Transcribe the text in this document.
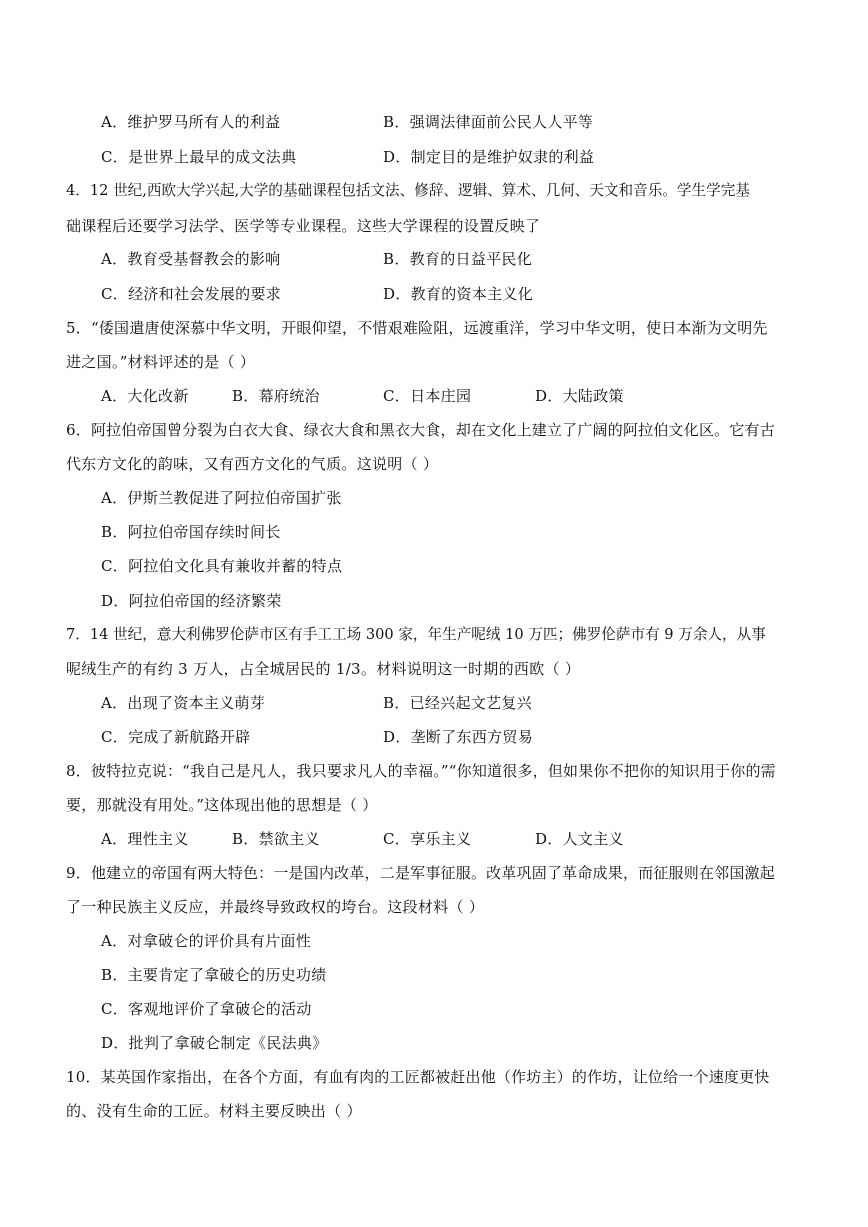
A．维护罗马所有人的利益	B．强调法律面前公民人人平等
C．是世界上最早的成文法典	D．制定目的是维护奴隶的利益
4．12 世纪,西欧大学兴起,大学的基础课程包括文法、修辞、逻辑、算术、几何、天文和音乐。学生学完基
础课程后还要学习法学、医学等专业课程。这些大学课程的设置反映了
A．教育受基督教会的影响	B．教育的日益平民化
C．经济和社会发展的要求	D．教育的资本主义化
5．“倭国遣唐使深慕中华文明，开眼仰望，不惜艰难险阻，远渡重洋，学习中华文明，使日本渐为文明先
进之国。”材料评述的是（ ）
A．大化改新	B．幕府统治	C．日本庄园	D．大陆政策
6．阿拉伯帝国曾分裂为白衣大食、绿衣大食和黑衣大食，却在文化上建立了广阔的阿拉伯文化区。它有古
代东方文化的韵味，又有西方文化的气质。这说明（ ）
A．伊斯兰教促进了阿拉伯帝国扩张
B．阿拉伯帝国存续时间长
C．阿拉伯文化具有兼收并蓄的特点
D．阿拉伯帝国的经济繁荣
7．14 世纪，意大利佛罗伦萨市区有手工工场 300 家，年生产呢绒 10 万匹；佛罗伦萨市有 9 万余人，从事
呢绒生产的有约 3 万人，占全城居民的 1/3。材料说明这一时期的西欧（ ）
A．出现了资本主义萌芽	B．已经兴起文艺复兴
C．完成了新航路开辟	D．垄断了东西方贸易
8．彼特拉克说：“我自己是凡人，我只要求凡人的幸福。”“你知道很多，但如果你不把你的知识用于你的需
要，那就没有用处。”这体现出他的思想是（ ）
A．理性主义	B．禁欲主义	C．享乐主义	D．人文主义
9．他建立的帝国有两大特色：一是国内改革，二是军事征服。改革巩固了革命成果，而征服则在邻国激起
了一种民族主义反应，并最终导致政权的垮台。这段材料（ ）
A．对拿破仑的评价具有片面性
B．主要肯定了拿破仑的历史功绩
C．客观地评价了拿破仑的活动
D．批判了拿破仑制定《民法典》
10．某英国作家指出，在各个方面，有血有肉的工匠都被赶出他（作坊主）的作坊，让位给一个速度更快
的、没有生命的工匠。材料主要反映出（ ）
